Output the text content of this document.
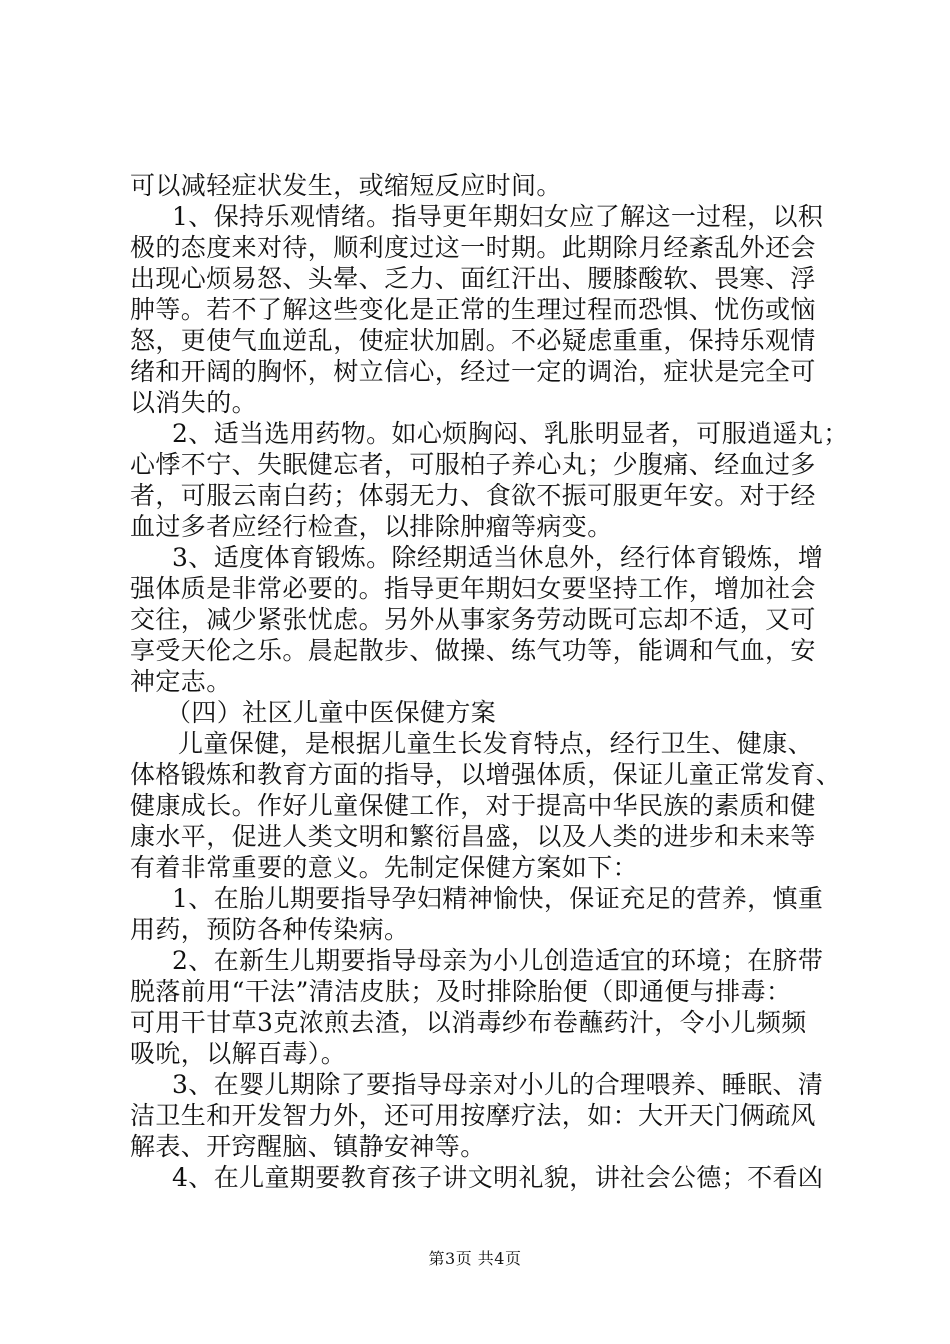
可以减轻症状发生，或缩短反应时间。
1、保持乐观情绪。指导更年期妇女应了解这一过程，以积
极的态度来对待，顺利度过这一时期。此期除月经紊乱外还会
出现心烦易怒、头晕、乏力、面红汗出、腰膝酸软、畏寒、浮
肿等。若不了解这些变化是正常的生理过程而恐惧、忧伤或恼
怒，更使气血逆乱，使症状加剧。不必疑虑重重，保持乐观情
绪和开阔的胸怀，树立信心，经过一定的调治，症状是完全可
以消失的。
2、适当选用药物。如心烦胸闷、乳胀明显者，可服逍遥丸；
心悸不宁、失眠健忘者，可服柏子养心丸；少腹痛、经血过多
者，可服云南白药；体弱无力、食欲不振可服更年安。对于经
血过多者应经行检查，以排除肿瘤等病变。
3、适度体育锻炼。除经期适当休息外，经行体育锻炼，增
强体质是非常必要的。指导更年期妇女要坚持工作，增加社会
交往，减少紧张忧虑。另外从事家务劳动既可忘却不适，又可
享受天伦之乐。晨起散步、做操、练气功等，能调和气血，安
神定志。
（四）社区儿童中医保健方案
儿童保健，是根据儿童生长发育特点，经行卫生、健康、
体格锻炼和教育方面的指导，以增强体质，保证儿童正常发育、
健康成长。作好儿童保健工作，对于提高中华民族的素质和健
康水平，促进人类文明和繁衍昌盛，以及人类的进步和未来等
有着非常重要的意义。先制定保健方案如下：
1、在胎儿期要指导孕妇精神愉快，保证充足的营养，慎重
用药，预防各种传染病。
2、在新生儿期要指导母亲为小儿创造适宜的环境；在脐带
脱落前用“干法”清洁皮肤；及时排除胎便（即通便与排毒：
可用干甘草3克浓煎去渣，以消毒纱布卷蘸药汁，令小儿频频
吸吮，以解百毒）。
3、在婴儿期除了要指导母亲对小儿的合理喂养、睡眠、清
洁卫生和开发智力外，还可用按摩疗法，如：大开天门俩疏风
解表、开窍醒脑、镇静安神等。
4、在儿童期要教育孩子讲文明礼貌，讲社会公德；不看凶
第3页 共4页
